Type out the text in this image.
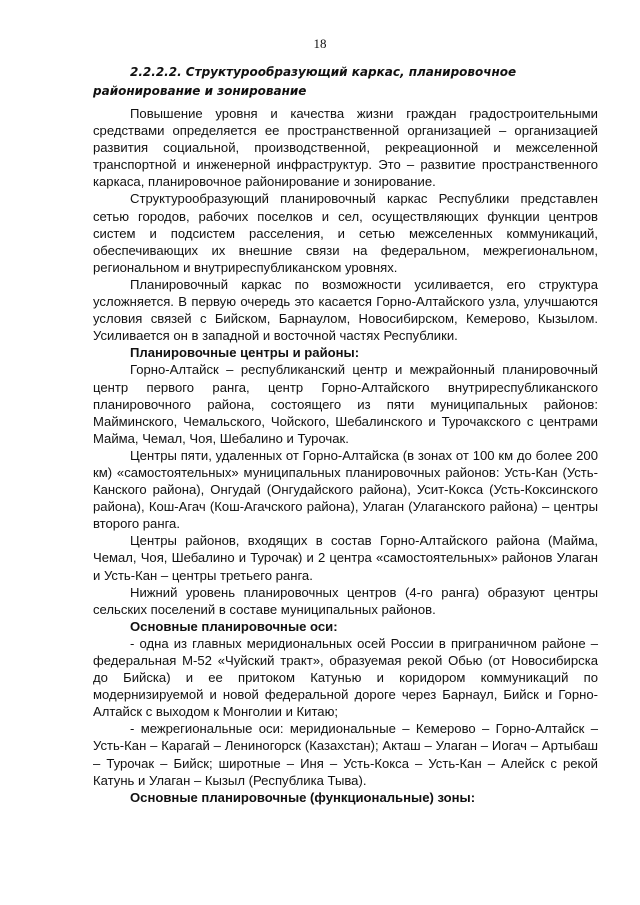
18

2.2.2.2. Структурообразующий каркас, планировочное районирование и зонирование

Повышение уровня и качества жизни граждан градостроительными средствами определяется ее пространственной организацией – организацией развития социальной, производственной, рекреационной и межселенной транспортной и инженерной инфраструктур. Это – развитие пространственного каркаса, планировочное районирование и зонирование.

Структурообразующий планировочный каркас Республики представлен сетью городов, рабочих поселков и сел, осуществляющих функции центров систем и подсистем расселения, и сетью межселенных коммуникаций, обеспечивающих их внешние связи на федеральном, межрегиональном, региональном и внутриреспубликанском уровнях.

Планировочный каркас по возможности усиливается, его структура усложняется. В первую очередь это касается Горно-Алтайского узла, улучшаются условия связей с Бийском, Барнаулом, Новосибирском, Кемерово, Кызылом. Усиливается он в западной и восточной частях Республики.

Планировочные центры и районы:

Горно-Алтайск – республиканский центр и межрайонный планировочный центр первого ранга, центр Горно-Алтайского внутриреспубликанского планировочного района, состоящего из пяти муниципальных районов: Майминского, Чемальского, Чойского, Шебалинского и Турочакского с центрами Майма, Чемал, Чоя, Шебалино и Турочак.

Центры пяти, удаленных от Горно-Алтайска (в зонах от 100 км до более 200 км) «самостоятельных» муниципальных планировочных районов: Усть-Кан (Усть-Канского района), Онгудай (Онгудайского района), Усит-Кокса (Усть-Коксинского района), Кош-Агач (Кош-Агачского района), Улаган (Улаганского района) – центры второго ранга.

Центры районов, входящих в состав Горно-Алтайского района (Майма, Чемал, Чоя, Шебалино и Турочак) и 2 центра «самостоятельных» районов Улаган и Усть-Кан – центры третьего ранга.

Нижний уровень планировочных центров (4-го ранга) образуют центры сельских поселений в составе муниципальных районов.

Основные планировочные оси:

- одна из главных меридиональных осей России в приграничном районе – федеральная М-52 «Чуйский тракт», образуемая рекой Обью (от Новосибирска до Бийска) и ее притоком Катунью и коридором коммуникаций по модернизируемой и новой федеральной дороге через Барнаул, Бийск и Горно-Алтайск с выходом к Монголии и Китаю;

- межрегиональные оси: меридиональные – Кемерово – Горно-Алтайск – Усть-Кан – Карагай – Лениногорск (Казахстан); Акташ – Улаган – Иогач – Артыбаш – Турочак – Бийск; широтные – Иня – Усть-Кокса – Усть-Кан – Алейск с рекой Катунь и Улаган – Кызыл (Республика Тыва).

Основные планировочные (функциональные) зоны:
